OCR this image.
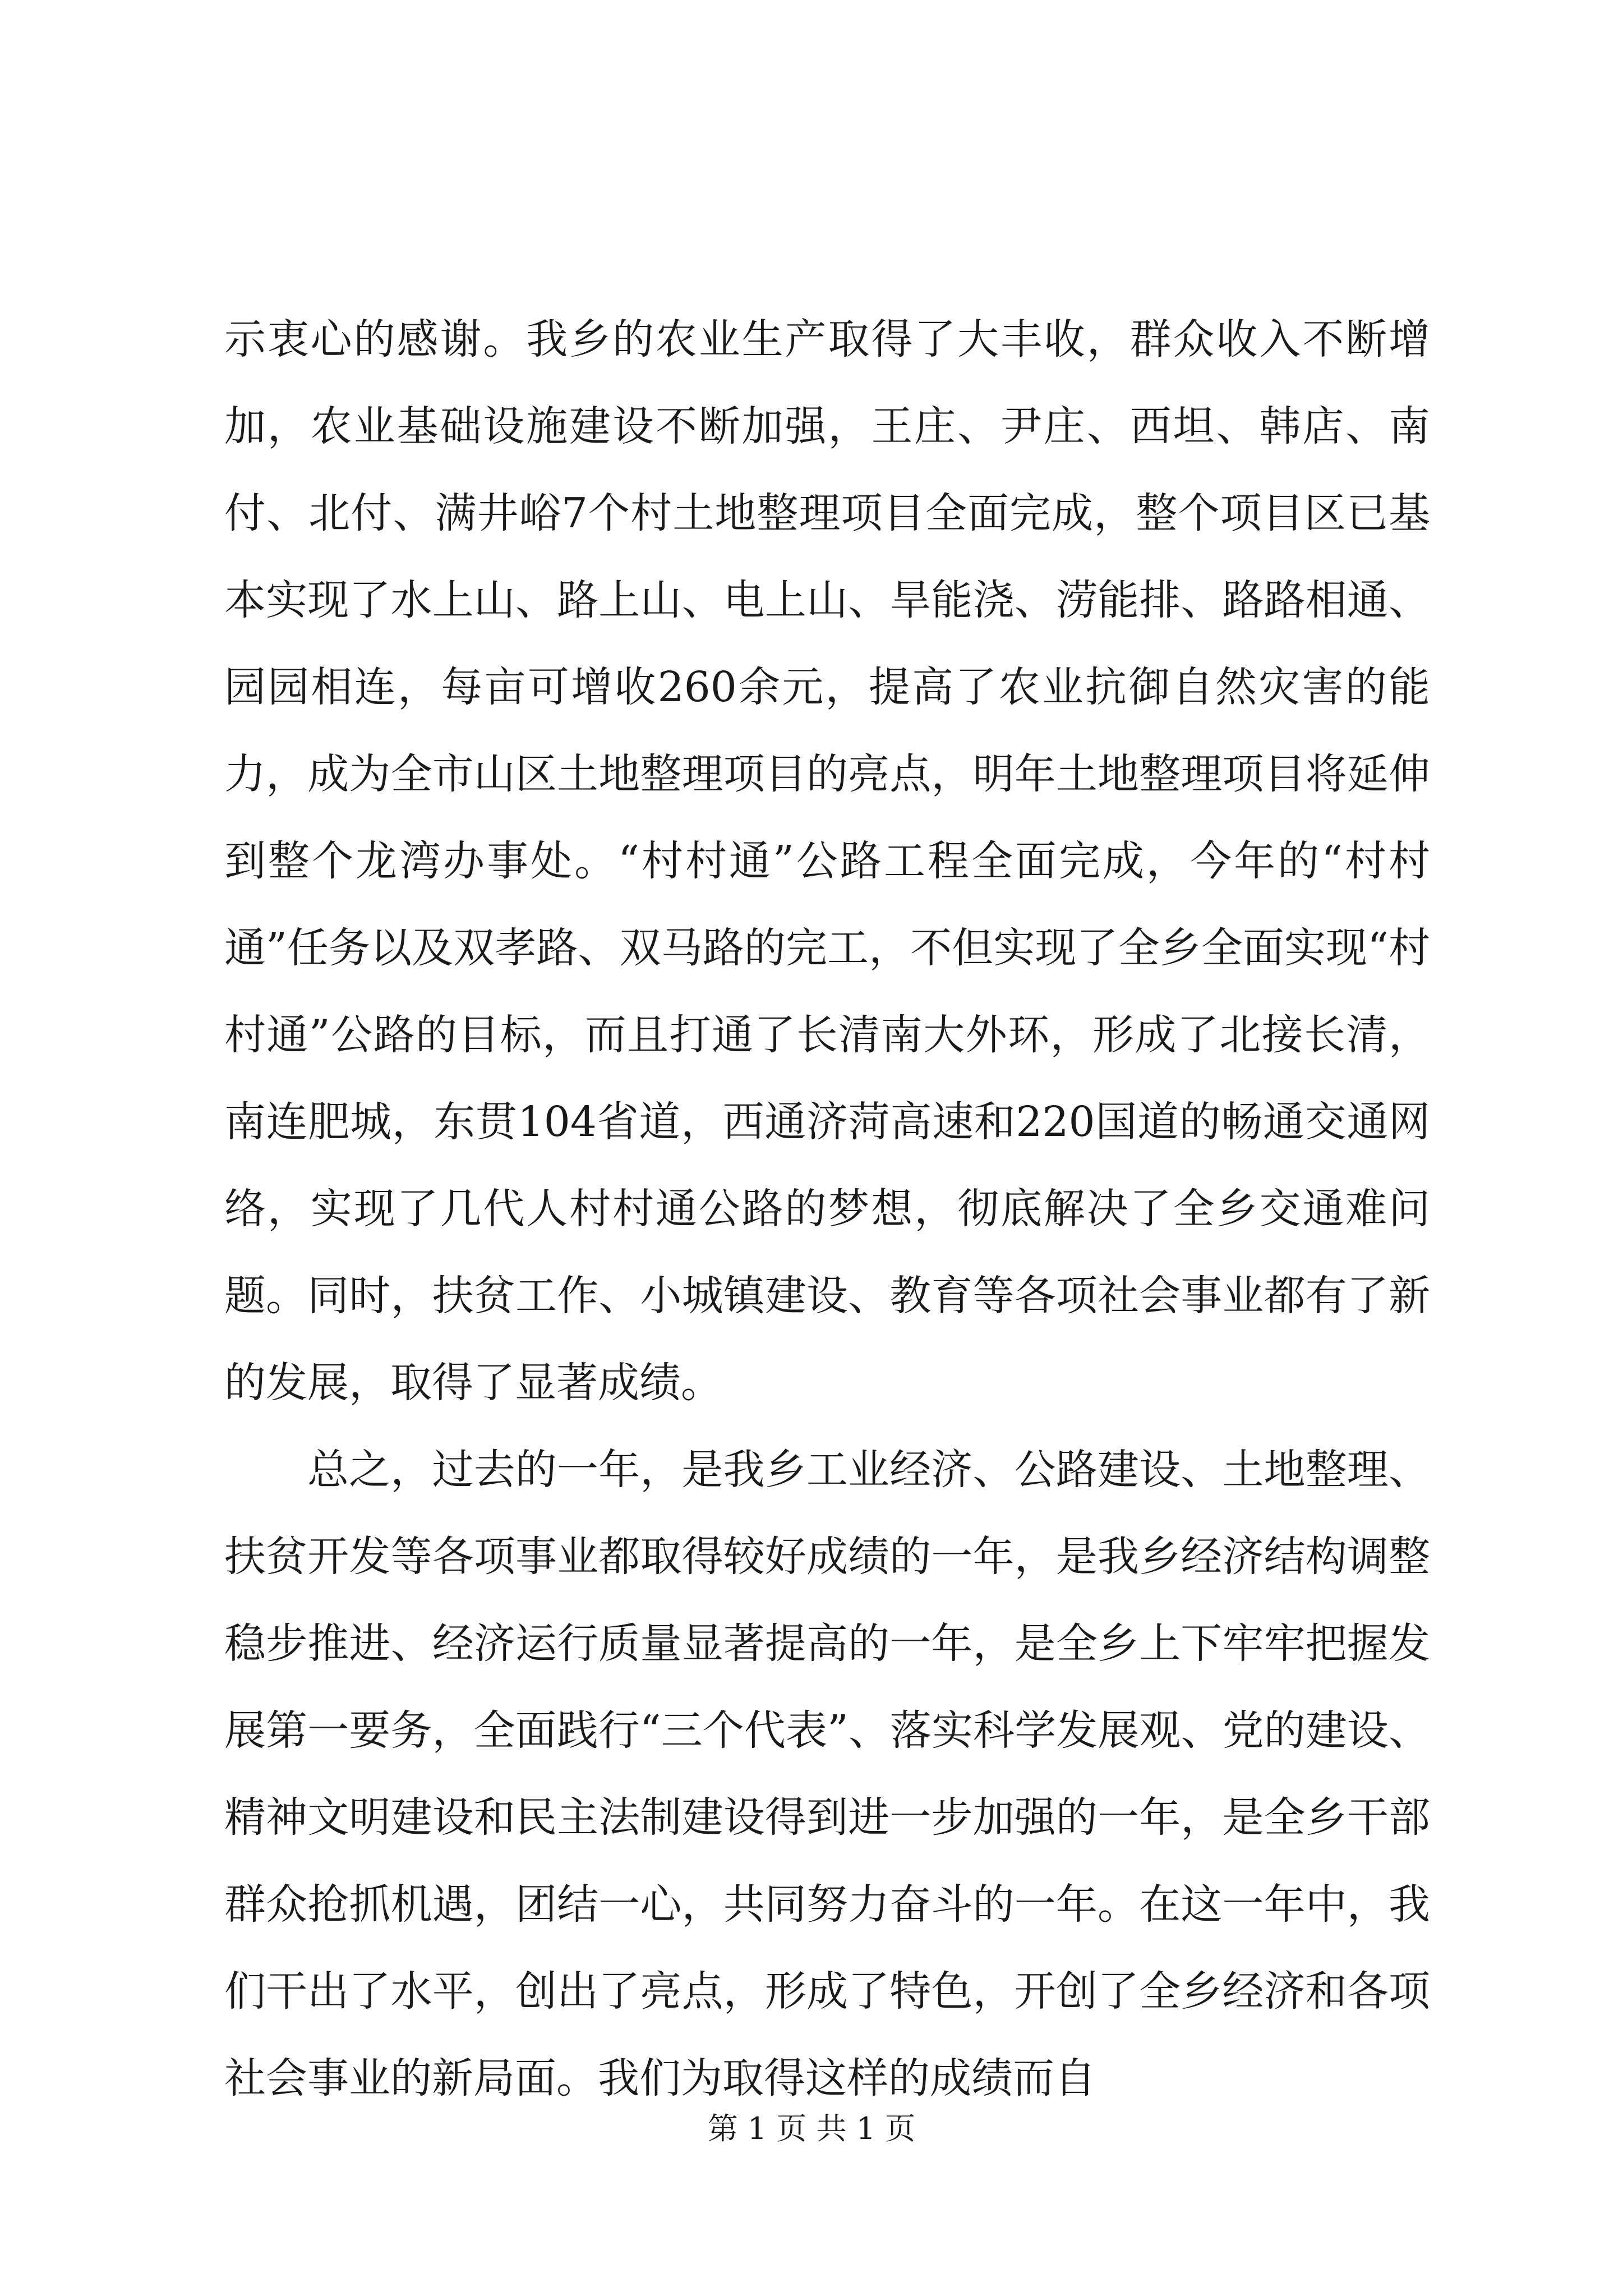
示衷心的感谢。我乡的农业生产取得了大丰收，群众收入不断增加，农业基础设施建设不断加强，王庄、尹庄、西坦、韩店、南付、北付、满井峪7个村土地整理项目全面完成，整个项目区已基本实现了水上山、路上山、电上山、旱能浇、涝能排、路路相通、园园相连，每亩可增收260余元，提高了农业抗御自然灾害的能力，成为全市山区土地整理项目的亮点，明年土地整理项目将延伸到整个龙湾办事处。“村村通”公路工程全面完成，今年的“村村通”任务以及双孝路、双马路的完工，不但实现了全乡全面实现“村村通”公路的目标，而且打通了长清南大外环，形成了北接长清，南连肥城，东贯104省道，西通济菏高速和220国道的畅通交通网络，实现了几代人村村通公路的梦想，彻底解决了全乡交通难问题。同时，扶贫工作、小城镇建设、教育等各项社会事业都有了新的发展，取得了显著成绩。

总之，过去的一年，是我乡工业经济、公路建设、土地整理、扶贫开发等各项事业都取得较好成绩的一年，是我乡经济结构调整稳步推进、经济运行质量显著提高的一年，是全乡上下牢牢把握发展第一要务，全面践行“三个代表”、落实科学发展观、党的建设、精神文明建设和民主法制建设得到进一步加强的一年，是全乡干部群众抢抓机遇，团结一心，共同努力奋斗的一年。在这一年中，我们干出了水平，创出了亮点，形成了特色，开创了全乡经济和各项社会事业的新局面。我们为取得这样的成绩而自

第 1 页 共 1 页
